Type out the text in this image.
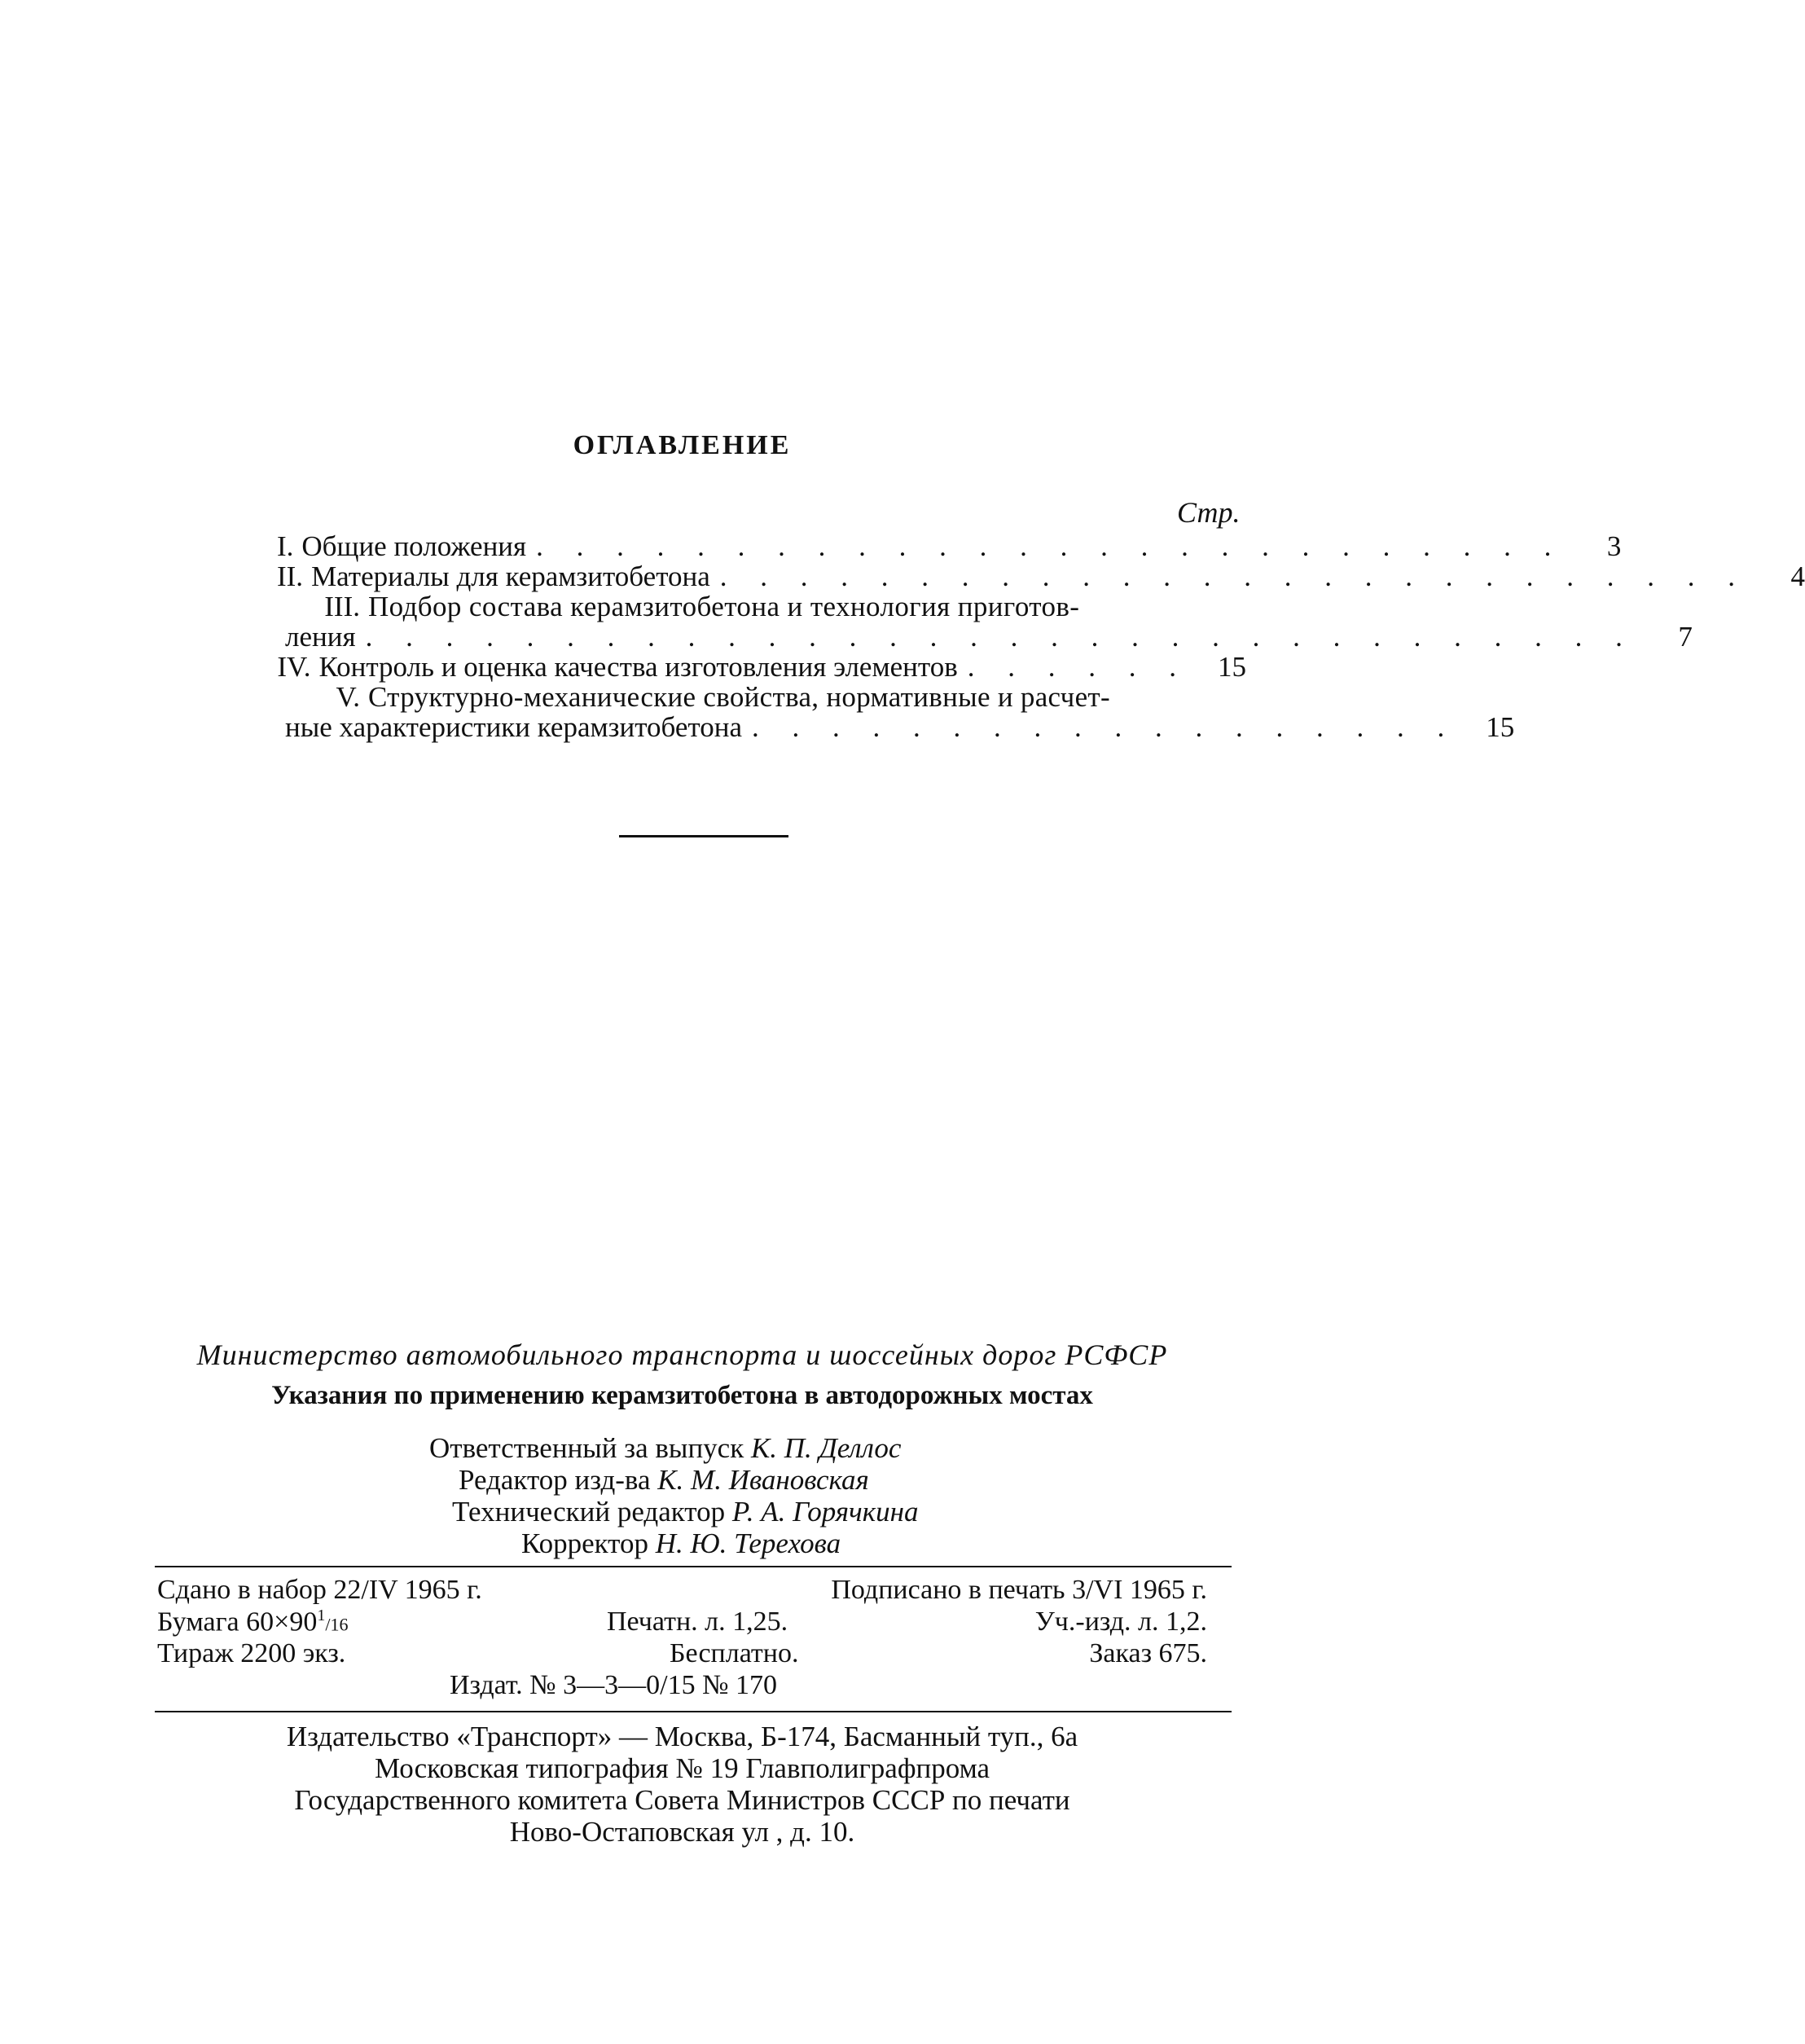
ОГЛАВЛЕНИЕ
Стр.
I. Общие положения . . . . . . . . . . . . . . . . . . . . . . . . . .	3
II. Материалы для керамзитобетона . . . . . . . . . . . . . . . . . . . . . . . . . .	4
III. Подбор состава керамзитобетона и технология приготов-
ления . . . . . . . . . . . . . . . . . . . . . . . . . . . . . . . .	7
IV. Контроль и оценка качества изготовления элементов . . . . . .	15
V. Структурно-механические свойства, нормативные и расчет-
ные характеристики керамзитобетона . . . . . . . . . . . . . . . . . .	15
Министерство автомобильного транспорта и шоссейных дорог РСФСР
Указания по применению керамзитобетона в автодорожных мостах
Ответственный за выпуск К. П. Деллос
Редактор изд-ва К. М. Ивановская
Технический редактор Р. А. Горячкина
Корректор Н. Ю. Терехова
Сдано в набор 22/IV 1965 г.	Подписано в печать 3/VI 1965 г.
Бумага $60\times 90^1/16$	Печатн. л. 1,25.	Уч.-изд. л. 1,2.
Тираж 2200 экз.	Бесплатно.	Заказ 675.
Издат. № 3—3—0/15 № 170
Издательство «Транспорт» — Москва, Б-174, Басманный туп., 6а
Московская типография № 19 Главполиграфпрома
Государственного комитета Совета Министров СССР по печати
Ново-Остаповская ул , д. 10.
